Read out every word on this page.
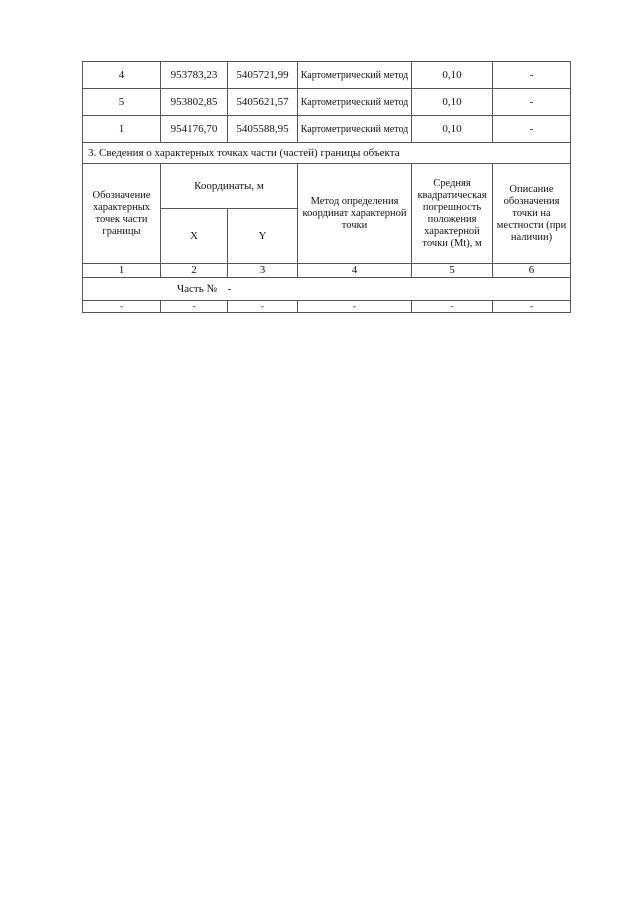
4	953783,23	5405721,99	Картометрический метод	0,10	-
5	953802,85	5405621,57	Картометрический метод	0,10	-
1	954176,70	5405588,95	Картометрический метод	0,10	-
3. Сведения о характерных точках части (частей) границы объекта					
Обозначение характерных точек части границы	Координаты, м		Метод определения координат характерной точки	Средняя квадратическая погрешность положения характерной точки (Mt), м	Описание обозначения точки на местности (при наличии)
	X	Y			
1	2	3	4	5	6
Часть № -					
-	-	-	-	-	-
